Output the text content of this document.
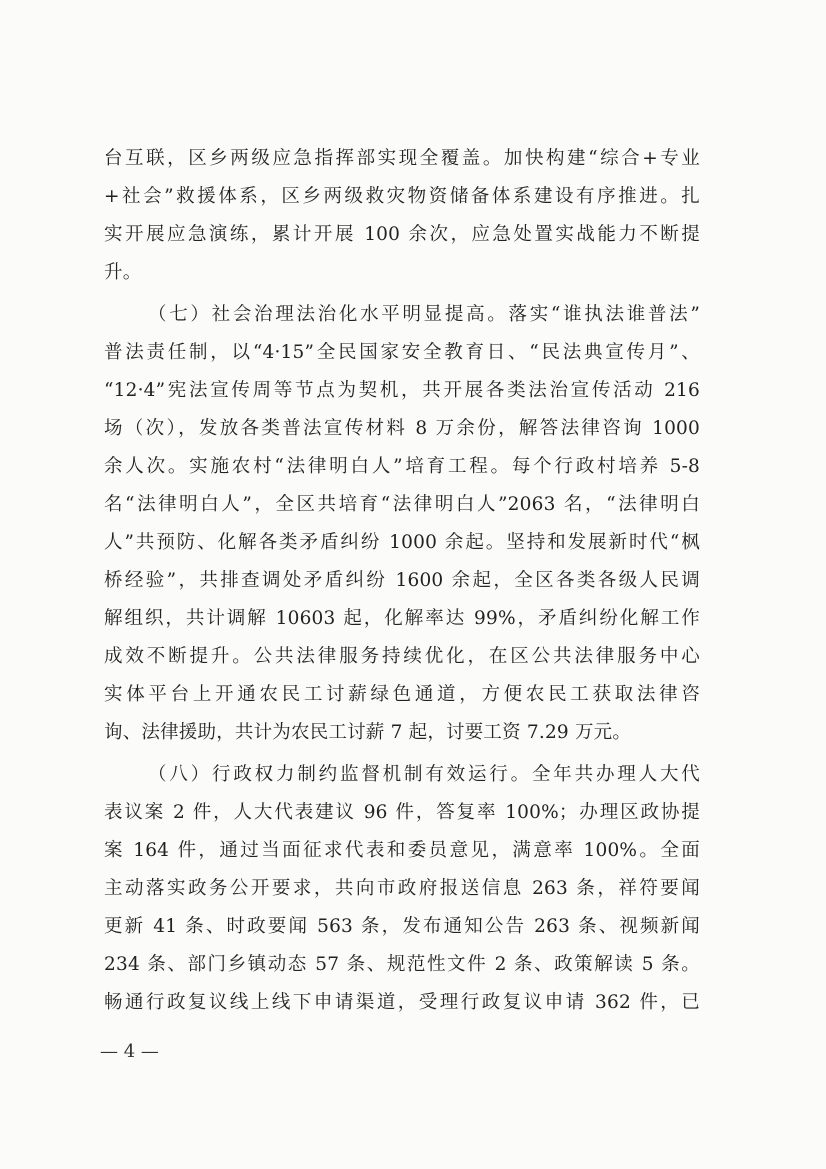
台互联，区乡两级应急指挥部实现全覆盖。加快构建“综合+专业
+社会”救援体系，区乡两级救灾物资储备体系建设有序推进。扎
实开展应急演练，累计开展 100 余次，应急处置实战能力不断提
升。
（七）社会治理法治化水平明显提高。落实“谁执法谁普法”
普法责任制，以“4·15”全民国家安全教育日、“民法典宣传月”、
“12·4”宪法宣传周等节点为契机，共开展各类法治宣传活动 216
场（次），发放各类普法宣传材料 8 万余份，解答法律咨询 1000
余人次。实施农村“法律明白人”培育工程。每个行政村培养 5-8
名“法律明白人”，全区共培育“法律明白人”2063 名，“法律明白
人”共预防、化解各类矛盾纠纷 1000 余起。坚持和发展新时代“枫
桥经验”，共排查调处矛盾纠纷 1600 余起，全区各类各级人民调
解组织，共计调解 10603 起，化解率达 99%，矛盾纠纷化解工作
成效不断提升。公共法律服务持续优化，在区公共法律服务中心
实体平台上开通农民工讨薪绿色通道，方便农民工获取法律咨
询、法律援助，共计为农民工讨薪 7 起，讨要工资 7.29 万元。
（八）行政权力制约监督机制有效运行。全年共办理人大代
表议案 2 件，人大代表建议 96 件，答复率 100%；办理区政协提
案 164 件，通过当面征求代表和委员意见，满意率 100%。全面
主动落实政务公开要求，共向市政府报送信息 263 条，祥符要闻
更新 41 条、时政要闻 563 条，发布通知公告 263 条、视频新闻
234 条、部门乡镇动态 57 条、规范性文件 2 条、政策解读 5 条。
畅通行政复议线上线下申请渠道，受理行政复议申请 362 件，已
— 4 —
